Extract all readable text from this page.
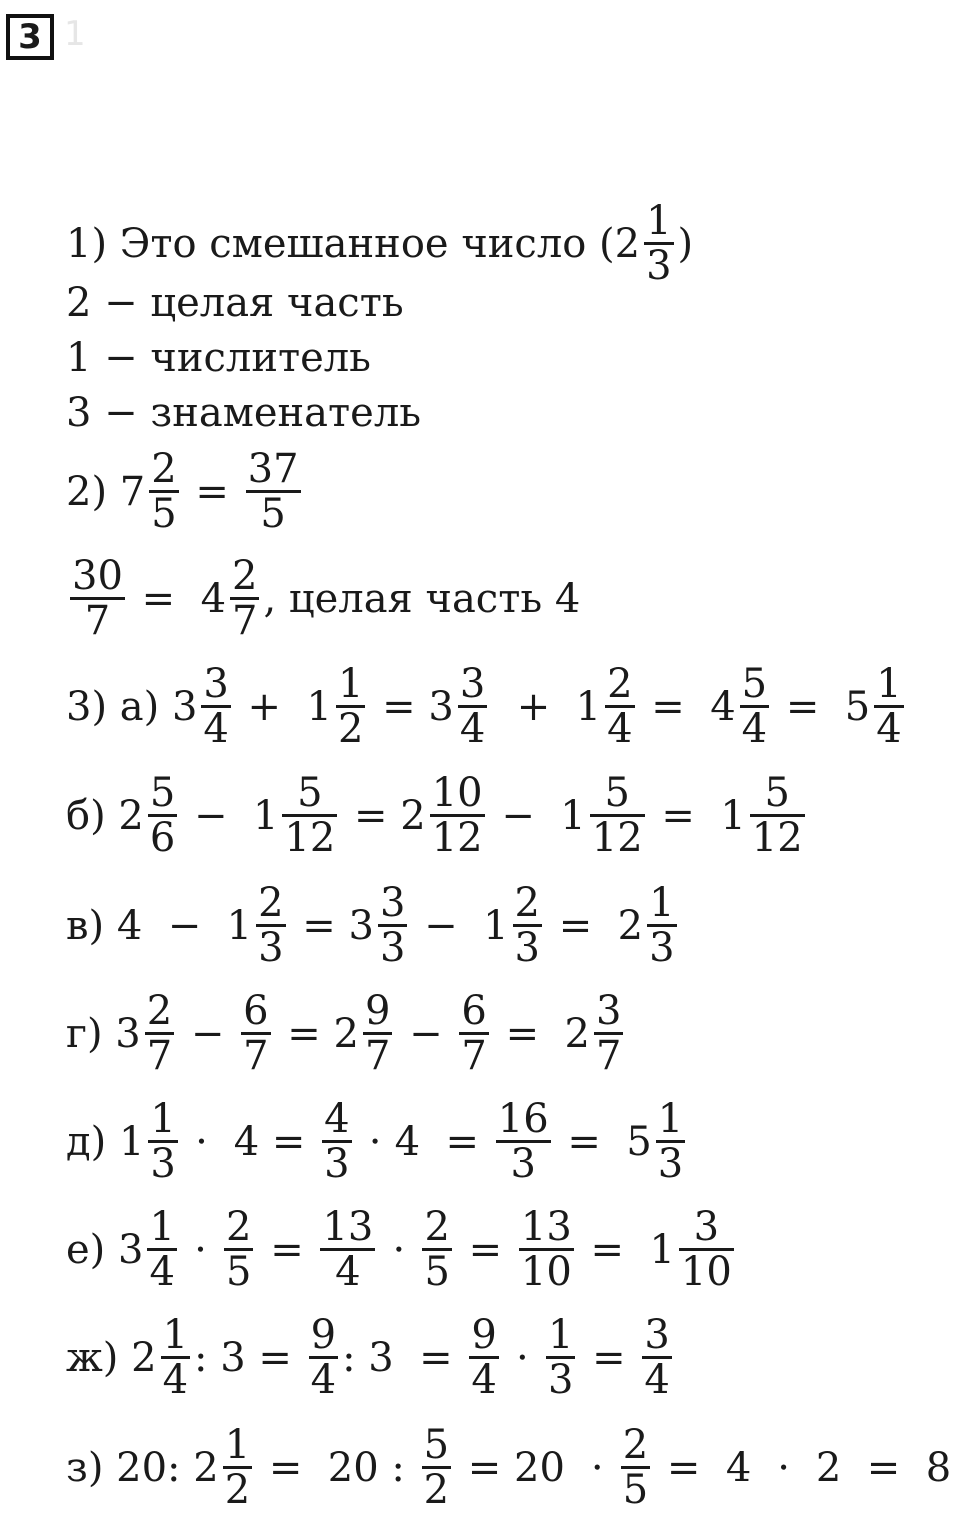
3 1
1) Это смешанное число ($2 \frac{1}{3}$ )
2 − целая часть
1 − числитель
3 − знаменатель
2) $7 \frac{2}{5} = \frac{37}{5}$
$\frac{30}{7} = 4 \frac{2}{7}$ , целая часть 4
3) а) $3 \frac{3}{4} + 1 \frac{1}{2} = 3 \frac{3}{4} + 1 \frac{2}{4} = 4 \frac{5}{4} = 5 \frac{1}{4}$
б) $2 \frac{5}{6} - 1 \frac{5}{12} = 2 \frac{10}{12} - 1 \frac{5}{12} = 1 \frac{5}{12}$
в) $4 - 1 \frac{2}{3} = 3 \frac{3}{3} - 1 \frac{2}{3} = 2 \frac{1}{3}$
г) $3 \frac{2}{7} - \frac{6}{7} = 2 \frac{9}{7} - \frac{6}{7} = 2 \frac{3}{7}$
д) $1 \frac{1}{3} \cdot 4 = \frac{4}{3} \cdot 4 = \frac{16}{3} = 5 \frac{1}{3}$
е) $3 \frac{1}{4} \cdot \frac{2}{5} = \frac{13}{4} \cdot \frac{2}{5} = \frac{13}{10} = 1 \frac{3}{10}$
ж) $2 \frac{1}{4}$ : $3 = \frac{9}{4}$ : $3 = \frac{9}{4} \cdot \frac{1}{3} = \frac{3}{4}$
з) 20: $2 \frac{1}{2} = 20$ : $\frac{5}{2} = 20 \cdot \frac{2}{5} = 4 \cdot 2 = 8$
